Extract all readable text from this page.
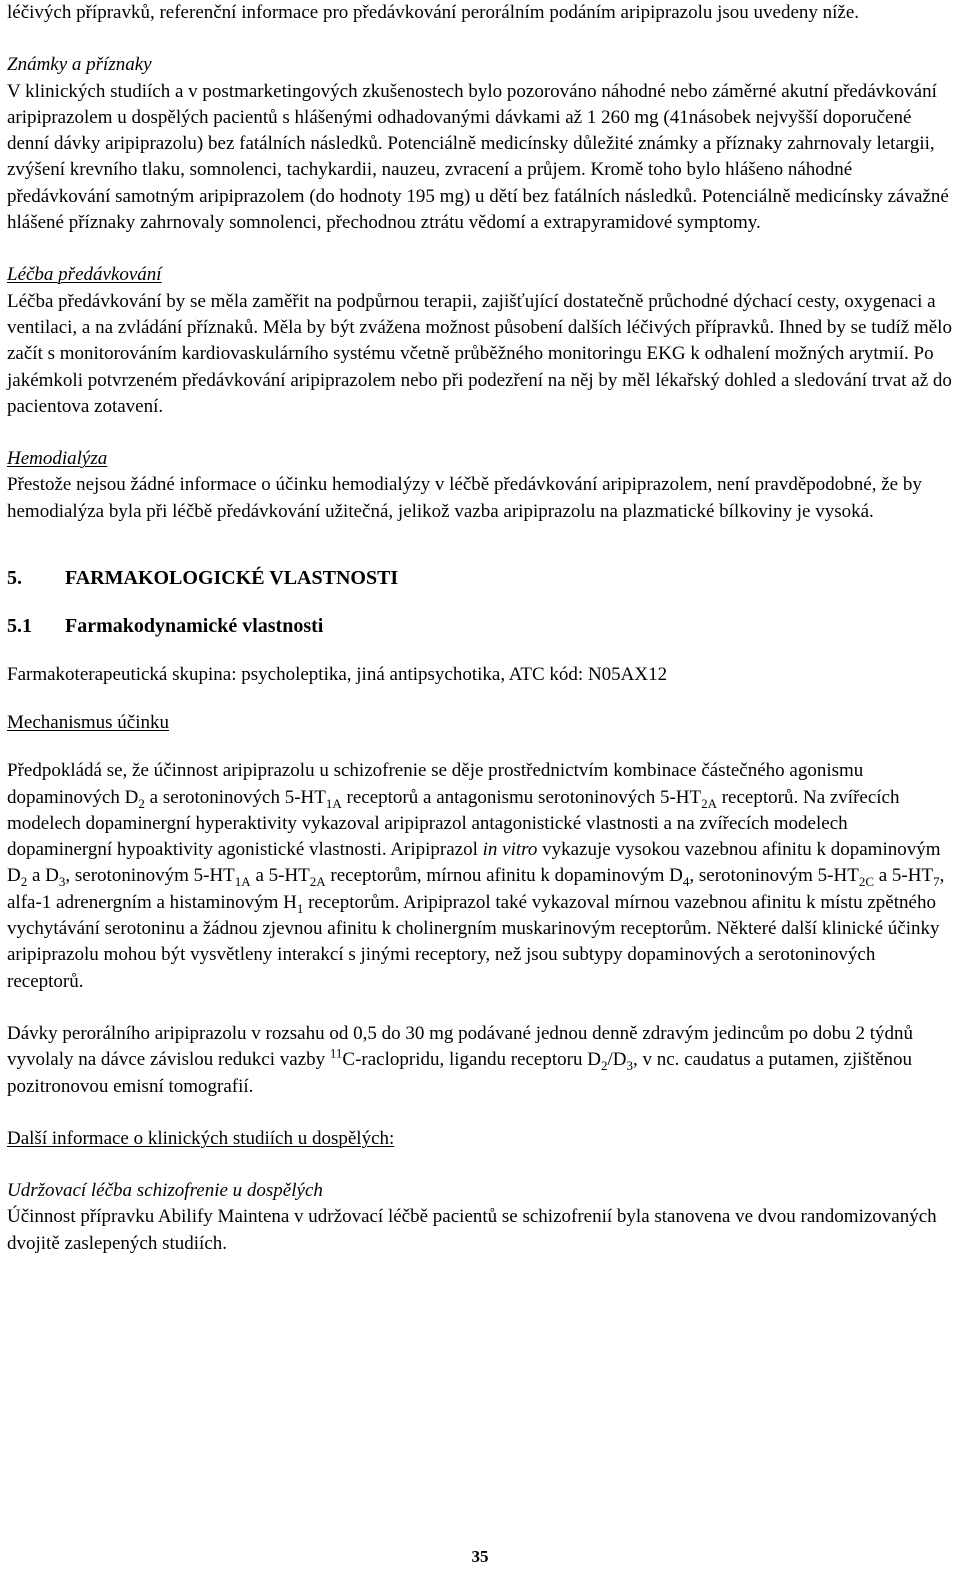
léčivých přípravků, referenční informace pro předávkování perorálním podáním aripiprazolu jsou uvedeny níže.

Známky a příznaky

V klinických studiích a v postmarketingových zkušenostech bylo pozorováno náhodné nebo záměrné akutní předávkování aripiprazolem u dospělých pacientů s hlášenými odhadovanými dávkami až 1 260 mg (41násobek nejvyšší doporučené denní dávky aripiprazolu) bez fatálních následků. Potenciálně medicínsky důležité známky a příznaky zahrnovaly letargii, zvýšení krevního tlaku, somnolenci, tachykardii, nauzeu, zvracení a průjem. Kromě toho bylo hlášeno náhodné předávkování samotným aripiprazolem (do hodnoty 195 mg) u dětí bez fatálních následků. Potenciálně medicínsky závažné hlášené příznaky zahrnovaly somnolenci, přechodnou ztrátu vědomí a extrapyramidové symptomy.

Léčba předávkování

Léčba předávkování by se měla zaměřit na podpůrnou terapii, zajišťující dostatečně průchodné dýchací cesty, oxygenaci a ventilaci, a na zvládání příznaků. Měla by být zvážena možnost působení dalších léčivých přípravků. Ihned by se tudíž mělo začít s monitorováním kardiovaskulárního systému včetně průběžného monitoringu EKG k odhalení možných arytmií. Po jakémkoli potvrzeném předávkování aripiprazolem nebo při podezření na něj by měl lékařský dohled a sledování trvat až do pacientova zotavení.

Hemodialýza

Přestože nejsou žádné informace o účinku hemodialýzy v léčbě předávkování aripiprazolem, není pravděpodobné, že by hemodialýza byla při léčbě předávkování užitečná, jelikož vazba aripiprazolu na plazmatické bílkoviny je vysoká.

5. FARMAKOLOGICKÉ VLASTNOSTI

5.1 Farmakodynamické vlastnosti

Farmakoterapeutická skupina: psycholeptika, jiná antipsychotika, ATC kód: N05AX12

Mechanismus účinku

Předpokládá se, že účinnost aripiprazolu u schizofrenie se děje prostřednictvím kombinace částečného agonismu dopaminových $D_2$ a serotoninových $5-HT_{1A}$ receptorů a antagonismu serotoninových $5-HT_{2A}$ receptorů. Na zvířecích modelech dopaminergní hyperaktivity vykazoval aripiprazol antagonistické vlastnosti a na zvířecích modelech dopaminergní hypoaktivity agonistické vlastnosti. Aripiprazol in vitro vykazuje vysokou vazebnou afinitu k dopaminovým $D_2$ a $D_3$, serotoninovým $5-HT_{1A}$ a $5-HT_{2A}$ receptorům, mírnou afinitu k dopaminovým $D_4$, serotoninovým $5-HT_{2C}$ a $5-HT_7$, alfa-1 adrenergním a histaminovým $H_1$ receptorům. Aripiprazol také vykazoval mírnou vazebnou afinitu k místu zpětného vychytávání serotoninu a žádnou zjevnou afinitu k cholinergním muskarinovým receptorům. Některé další klinické účinky aripiprazolu mohou být vysvětleny interakcí s jinými receptory, než jsou subtypy dopaminových a serotoninových receptorů.

Dávky perorálního aripiprazolu v rozsahu od 0,5 do 30 mg podávané jednou denně zdravým jedincům po dobu 2 týdnů vyvolaly na dávce závislou redukci vazby $^{11}$C-raclopridu, ligandu receptoru $D_2/D_3$, v nc. caudatus a putamen, zjištěnou pozitronovou emisní tomografií.

Další informace o klinických studiích u dospělých:

Udržovací léčba schizofrenie u dospělých

Účinnost přípravku Abilify Maintena v udržovací léčbě pacientů se schizofrenií byla stanovena ve dvou randomizovaných dvojitě zaslepených studiích.

35
